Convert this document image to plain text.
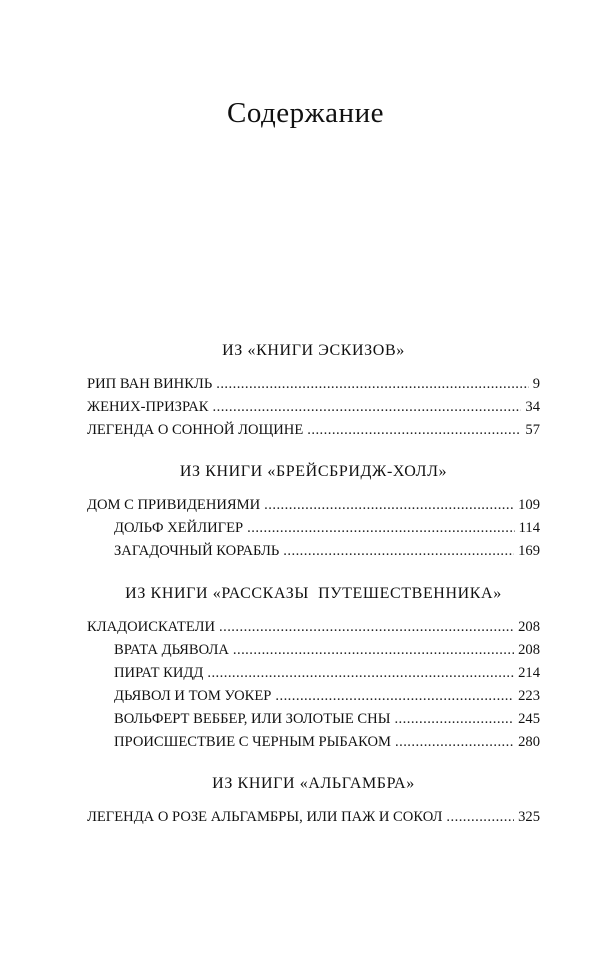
Содержание
ИЗ «КНИГИ ЭСКИЗОВ»
РИП ВАН ВИНКЛЬ . . .	9
ЖЕНИХ-ПРИЗРАК . . .	34
ЛЕГЕНДА О СОННОЙ ЛОЩИНЕ . . .	57
ИЗ КНИГИ «БРЕЙСБРИДЖ-ХОЛЛ»
ДОМ С ПРИВИДЕНИЯМИ . . .	109
ДОЛЬФ ХЕЙЛИГЕР . . .	114
ЗАГАДОЧНЫЙ КОРАБЛЬ . . .	169
ИЗ КНИГИ «РАССКАЗЫ  ПУТЕШЕСТВЕННИКА»
КЛАДОИСКАТЕЛИ . . .	208
ВРАТА ДЬЯВОЛА . . .	208
ПИРАТ КИДД . . .	214
ДЬЯВОЛ И ТОМ УОКЕР . . .	223
ВОЛЬФЕРТ ВЕББЕР, ИЛИ ЗОЛОТЫЕ СНЫ . . .	245
ПРОИСШЕСТВИЕ С ЧЕРНЫМ РЫБАКОМ . . .	280
ИЗ КНИГИ «АЛЬГАМБРА»
ЛЕГЕНДА О РОЗЕ АЛЬГАМБРЫ, ИЛИ ПАЖ И СОКОЛ . . .	325
